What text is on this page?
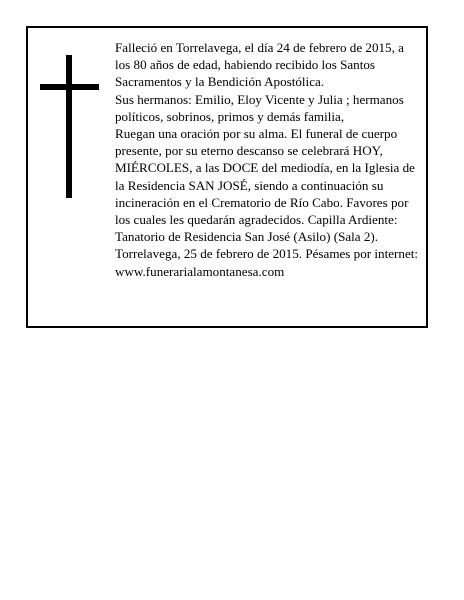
Falleció en Torrelavega, el día 24 de febrero de 2015, a los 80 años de edad, habiendo recibido los Santos Sacramentos y la Bendición Apostólica.

Sus hermanos: Emilio, Eloy Vicente y Julia ; hermanos políticos, sobrinos, primos y demás familia,

Ruegan una oración por su alma. El funeral de cuerpo presente, por su eterno descanso se celebrará HOY, MIÉRCOLES, a las DOCE del mediodía, en la Iglesia de la Residencia SAN JOSÉ, siendo a continuación su incineración en el Crematorio de Río Cabo. Favores por los cuales les quedarán agradecidos. Capilla Ardiente: Tanatorio de Residencia San José (Asilo) (Sala 2). Torrelavega, 25 de febrero de 2015. Pésames por internet: www.funerarialamontanesa.com
